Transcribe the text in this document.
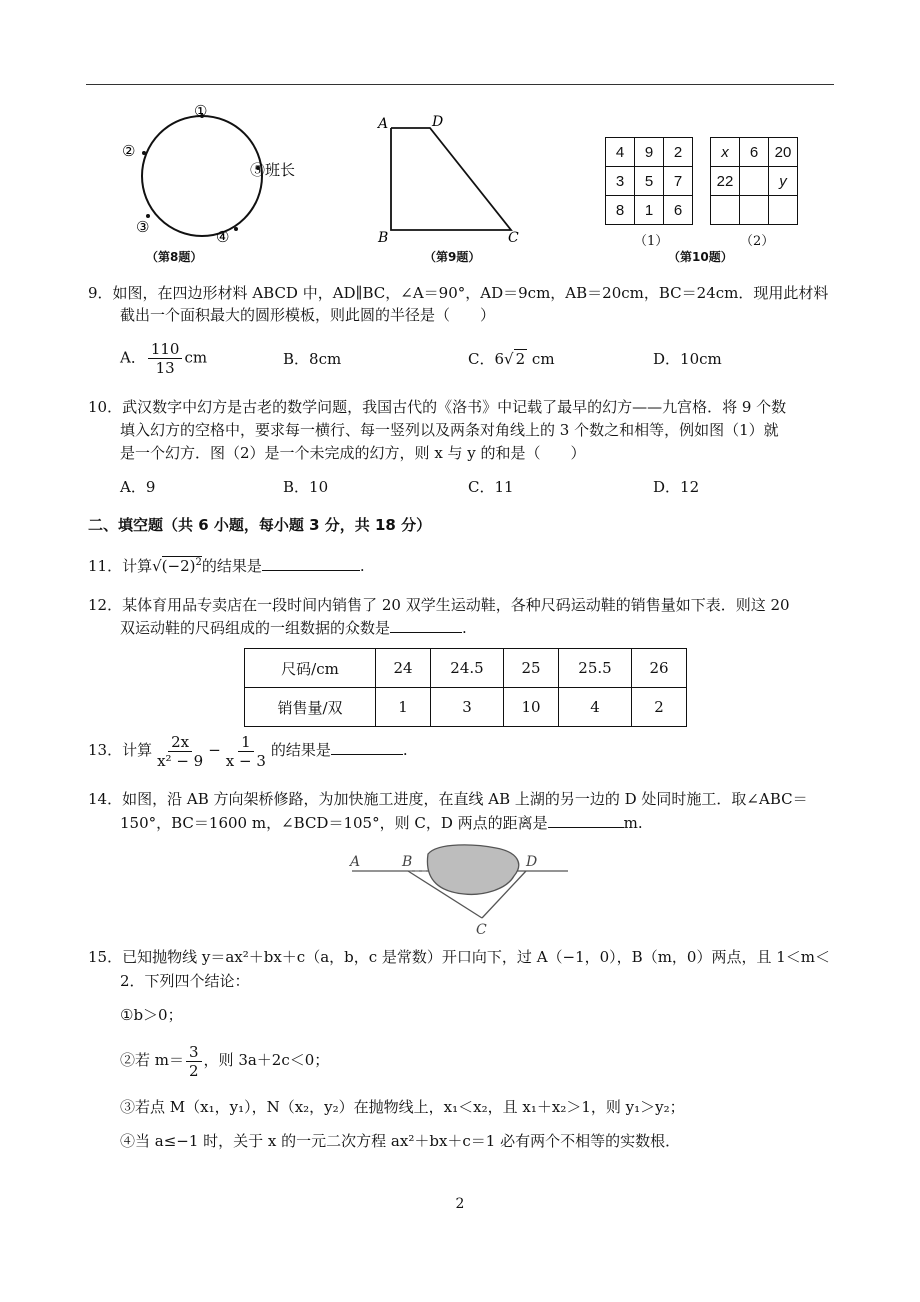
①
②
③
④
⑤班长
（第8题）
A	D
B	C
（第9题）
4	9	2
3	5	7
8	1	6
x	6	20
22		y

（1）	（2）
（第10题）
9．如图，在四边形材料 ABCD 中，AD∥BC，∠A＝90°，AD＝9cm，AB＝20cm，BC＝24cm．现用此材料
截出一个面积最大的圆形模板，则此圆的半径是（　　）
A． $\frac{110}{13}$ cm	B．8cm	C．6√ 2 cm	D．10cm
10．武汉数字中幻方是古老的数学问题，我国古代的《洛书》中记载了最早的幻方——九宫格．将 9 个数
填入幻方的空格中，要求每一横行、每一竖列以及两条对角线上的 3 个数之和相等，例如图（1）就
是一个幻方．图（2）是一个未完成的幻方，则 x 与 y 的和是（　　）
A．9	B．10	C．11	D．12
二、填空题（共 6 小题，每小题 3 分，共 18 分）
11．计算$√(-2)^2$的结果是	.
12．某体育用品专卖店在一段时间内销售了 20 双学生运动鞋，各种尺码运动鞋的销售量如下表．则这 20
双运动鞋的尺码组成的一组数据的众数是	.
尺码/cm	24	24.5	25	25.5	26
销售量/双	1	3	10	4	2
13．计算 $\frac{2x}{\text{x² − 9}} - \frac{1}{x - 3}$ 的结果是	.
14．如图，沿 AB 方向架桥修路，为加快施工进度，在直线 AB 上湖的另一边的 D 处同时施工．取∠ABC＝
150°，BC＝1600 m，∠BCD＝105°，则 C，D 两点的距离是	m.
A	B	D
C
15．已知抛物线 y＝ax²＋bx＋c（a，b，c 是常数）开口向下，过 A（−1，0），B（m，0）两点，且 1＜m＜
2．下列四个结论：
①b＞0；
②若 $m= \frac{3}{2}$ ，则 3a＋2c＜0；
③若点 M（x₁，y₁），N（x₂，y₂）在抛物线上，x₁＜x₂，且 x₁＋x₂＞1，则 y₁＞y₂；
④当 a≤−1 时，关于 x 的一元二次方程 ax²＋bx＋c＝1 必有两个不相等的实数根．
2
